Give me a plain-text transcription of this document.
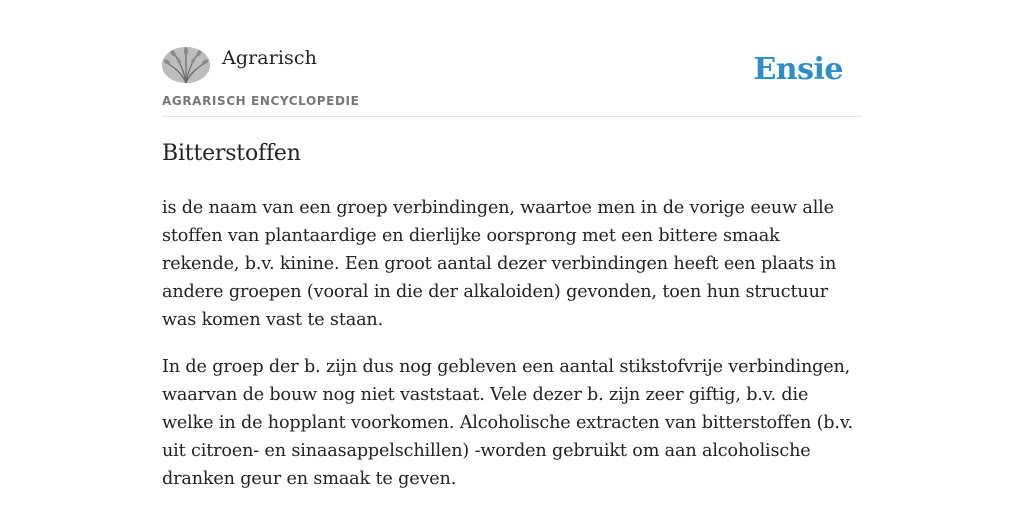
Agrarisch
AGRARISCH ENCYCLOPEDIE
Ensie
Bitterstoffen

is de naam van een groep verbindingen, waartoe men in de vorige eeuw alle stoffen van plantaardige en dierlijke oorsprong met een bittere smaak rekende, b.v. kinine. Een groot aantal dezer verbindingen heeft een plaats in andere groepen (vooral in die der alkaloiden) gevonden, toen hun structuur was komen vast te staan.

In de groep der b. zijn dus nog gebleven een aantal stikstofvrije verbindingen, waarvan de bouw nog niet vaststaat. Vele dezer b. zijn zeer giftig, b.v. die welke in de hopplant voorkomen. Alcoholische extracten van bitterstoffen (b.v. uit citroen- en sinaasappelschillen) -worden gebruikt om aan alcoholische dranken geur en smaak te geven.
